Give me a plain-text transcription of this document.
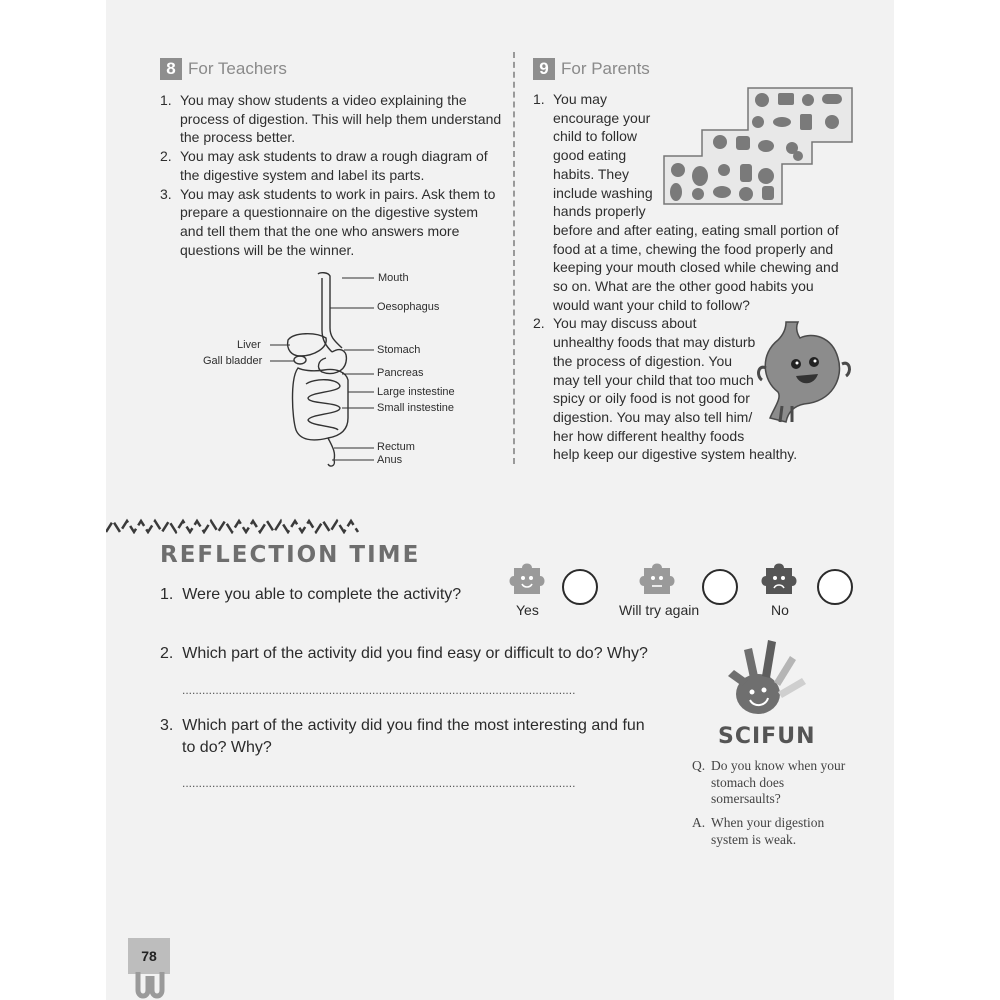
8 For Teachers
1. You may show students a video explaining the process of digestion. This will help them understand the process better.
2. You may ask students to draw a rough diagram of the digestive system and label its parts.
3. You may ask students to work in pairs. Ask them to prepare a questionnaire on the digestive system and tell them that the one who answers more questions will be the winner.
Mouth
Oesophagus
Liver
Gall bladder
Stomach
Pancreas
Large instestine
Small instestine
Rectum
Anus
9 For Parents
1. You may
encourage your
child to follow
good eating
habits. They
include washing
hands properly
before and after eating, eating small portion of food at a time, chewing the food properly and keeping your mouth closed while chewing and so on. What are the other good habits you would want your child to follow?
2. You may discuss about
unhealthy foods that may disturb
the process of digestion. You
may tell your child that too much
spicy or oily food is not good for
digestion. You may also tell him/
her how different healthy foods
help keep our digestive system healthy.
REFLECTION TIME
1. Were you able to complete the activity?
Yes	Will try again	No
2. Which part of the activity did you find easy or difficult to do? Why?
......................................................................................................................
3. Which part of the activity did you find the most interesting and fun
to do? Why?
......................................................................................................................
SCIFUN
Q. Do you know when your stomach does somersaults?
A. When your digestion system is weak.
78
